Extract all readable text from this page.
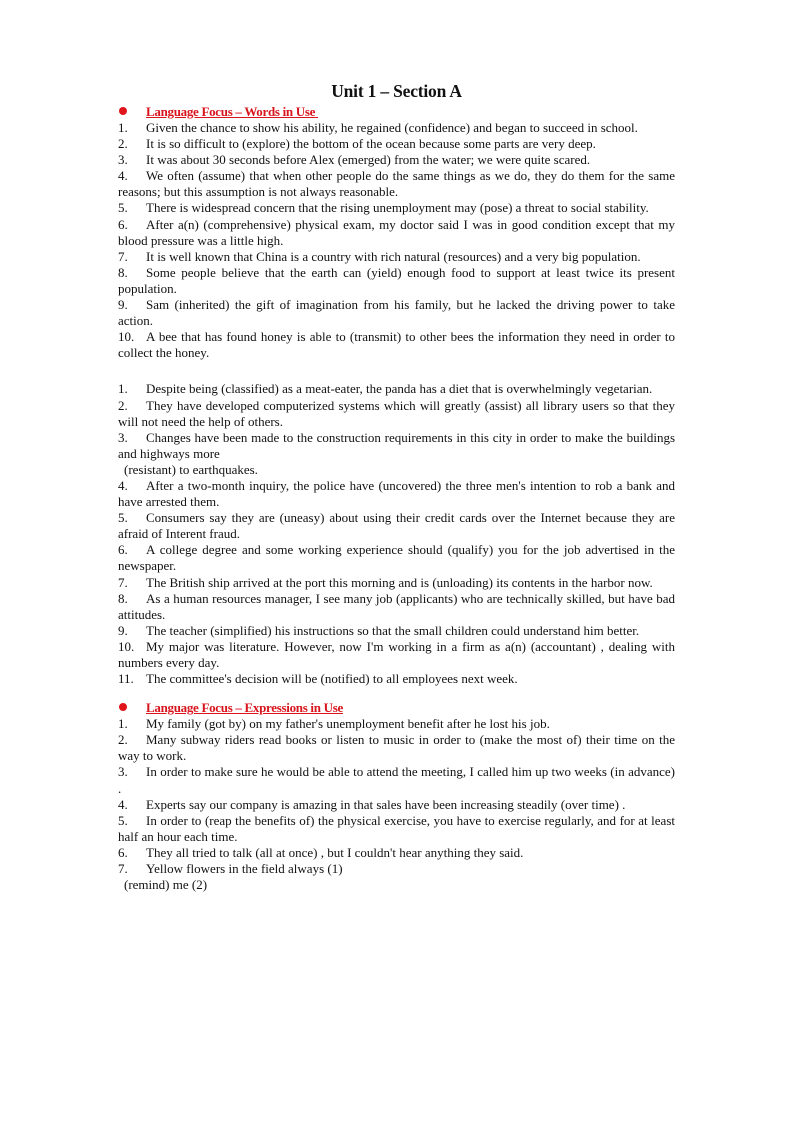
Unit 1 – Section A
Language Focus – Words in Use

1. Given the chance to show his ability, he regained (confidence) and began to succeed in school.

2. It is so difficult to (explore) the bottom of the ocean because some parts are very deep.

3. It was about 30 seconds before Alex (emerged) from the water; we were quite scared.

4. We often (assume) that when other people do the same things as we do, they do them for the same reasons; but this assumption is not always reasonable.

5. There is widespread concern that the rising unemployment may (pose) a threat to social stability.

6. After a(n) (comprehensive) physical exam, my doctor said I was in good condition except that my blood pressure was a little high.

7. It is well known that China is a country with rich natural (resources) and a very big population.

8. Some people believe that the earth can (yield) enough food to support at least twice its present population.

9. Sam (inherited) the gift of imagination from his family, but he lacked the driving power to take action.

10. A bee that has found honey is able to (transmit) to other bees the information they need in order to collect the honey.

1. Despite being (classified) as a meat-eater, the panda has a diet that is overwhelmingly vegetarian.

2. They have developed computerized systems which will greatly (assist) all library users so that they will not need the help of others.

3. Changes have been made to the construction requirements in this city in order to make the buildings and highways more

(resistant) to earthquakes.

4. After a two-month inquiry, the police have (uncovered) the three men's intention to rob a bank and have arrested them.

5. Consumers say they are (uneasy) about using their credit cards over the Internet because they are afraid of Interent fraud.

6. A college degree and some working experience should (qualify) you for the job advertised in the newspaper.

7. The British ship arrived at the port this morning and is (unloading) its contents in the harbor now.

8. As a human resources manager, I see many job (applicants) who are technically skilled, but have bad attitudes.

9. The teacher (simplified) his instructions so that the small children could understand him better.

10. My major was literature. However, now I'm working in a firm as a(n) (accountant) , dealing with numbers every day.

11. The committee's decision will be (notified) to all employees next week.

Language Focus – Expressions in Use

1. My family (got by) on my father's unemployment benefit after he lost his job.

2. Many subway riders read books or listen to music in order to (make the most of) their time on the way to work.

3. In order to make sure he would be able to attend the meeting, I called him up two weeks (in advance) .

4. Experts say our company is amazing in that sales have been increasing steadily (over time) .

5. In order to (reap the benefits of) the physical exercise, you have to exercise regularly, and for at least half an hour each time.

6. They all tried to talk (all at once) , but I couldn't hear anything they said.

7. Yellow flowers in the field always (1)

(remind) me (2)
